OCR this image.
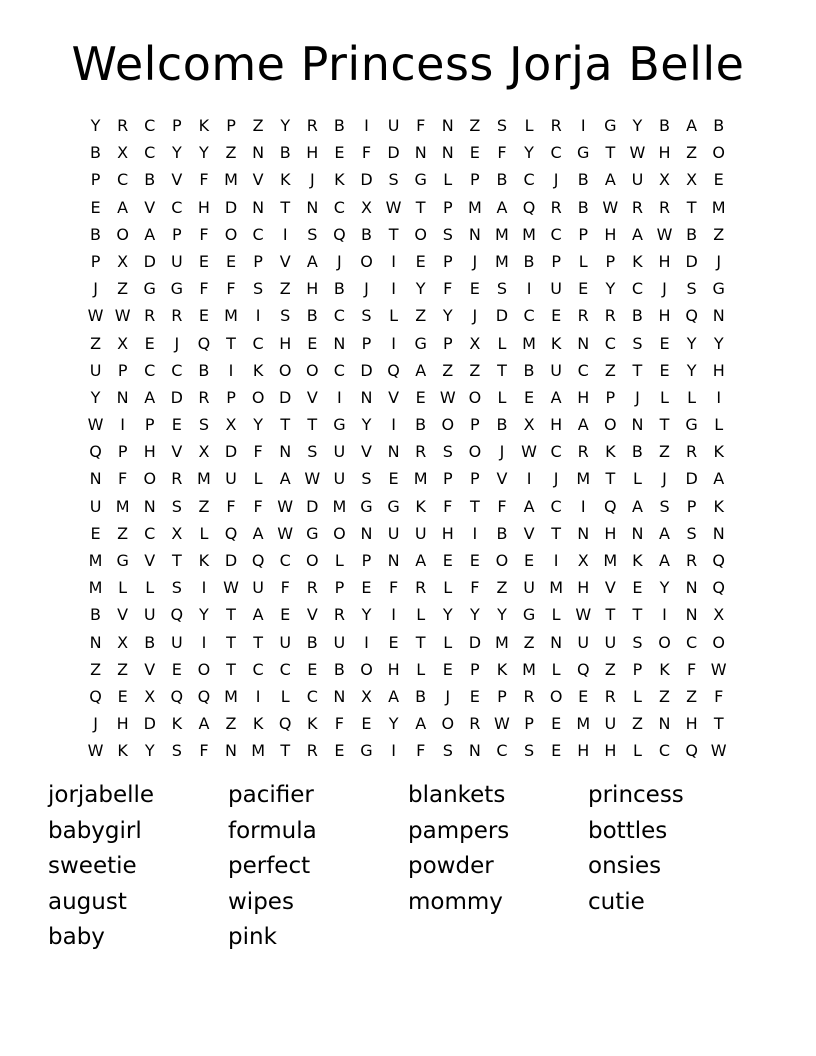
Welcome Princess Jorja Belle
Y	R C	P	K	P	Z	Y	R	B	I	U	F	N Z	S	L	R	I	G	Y	B	A	B
B	X	C	Y	Y	Z N B H	E	F	D N N	E	F	Y	C G	T W H Z O
P	C	B	V	F M V	K	J	K D S G	L	P	B	C	J	B	A U X	X	E
E	A	V	C H D N	T	N C	X W T	P M A Q R	B W R R	T M
B O A	P	F	O C	I	S Q B	T O S	N M M C	P	H A W B	Z
P	X D U	E	E	P	V	A	J	O	I	E	P	J	M B	P	L	P	K H D	J
J	Z G G	F	F	S	Z H B	J	I	Y	F	E	S	I	U	E	Y	C	J	S G
W W R R	E M	I	S	B	C	S	L	Z	Y	J	D C	E	R R	B H Q N
Z	X	E	J	Q T	C H	E	N	P	I	G	P	X	L M K N C	S	E	Y	Y
U	P	C C	B	I	K O O C D Q A	Z	Z	T	B U C	Z	T	E	Y	H
Y	N A D R	P O D V	I	N V	E W O	L	E	A H	P	J	L	L	I
W	I	P	E	S	X	Y	T	T	G	Y	I	B O P	B	X H A O N	T	G	L
Q P	H V	X D	F	N	S	U V N R	S O	J	W C R	K	B	Z	R	K
N	F	O R M U	L	A W U	S	E M P	P	V	I	J	M T	L	J	D A
U M N	S	Z	F	F W D M G G K	F	T	F	A	C	I	Q A	S	P	K
E	Z	C	X	L	Q A W G O N U U H	I	B	V	T	N H N A	S	N
M G V	T	K D Q C O	L	P	N A	E	E O E	I	X M K	A	R Q
M L	L	S	I	W U	F	R	P	E	F	R	L	F	Z U M H V	E	Y	N Q
B	V U Q Y	T	A	E	V	R	Y	I	L	Y	Y	Y	G	L W T	T	I	N X
N X	B U	I	T	T	U B U	I	E	T	L	D M Z N U U	S O C O
Z	Z	V	E O T	C C	E	B O H	L	E	P	K M L	Q Z	P	K	F W
Q E	X Q Q M	I	L	C N X	A	B	J	E	P	R O E	R	L	Z	Z	F
J	H D K	A	Z	K Q K	F	E	Y	A O R W P	E M U Z N H	T
W K	Y	S	F	N M T	R	E G	I	F	S	N C	S	E	H H	L	C Q W
jorjabelle
babygirl
sweetie
august
baby
pacifier
formula
perfect
wipes
pink
blankets
pampers
powder
mommy
princess
bottles
onsies
cutie
